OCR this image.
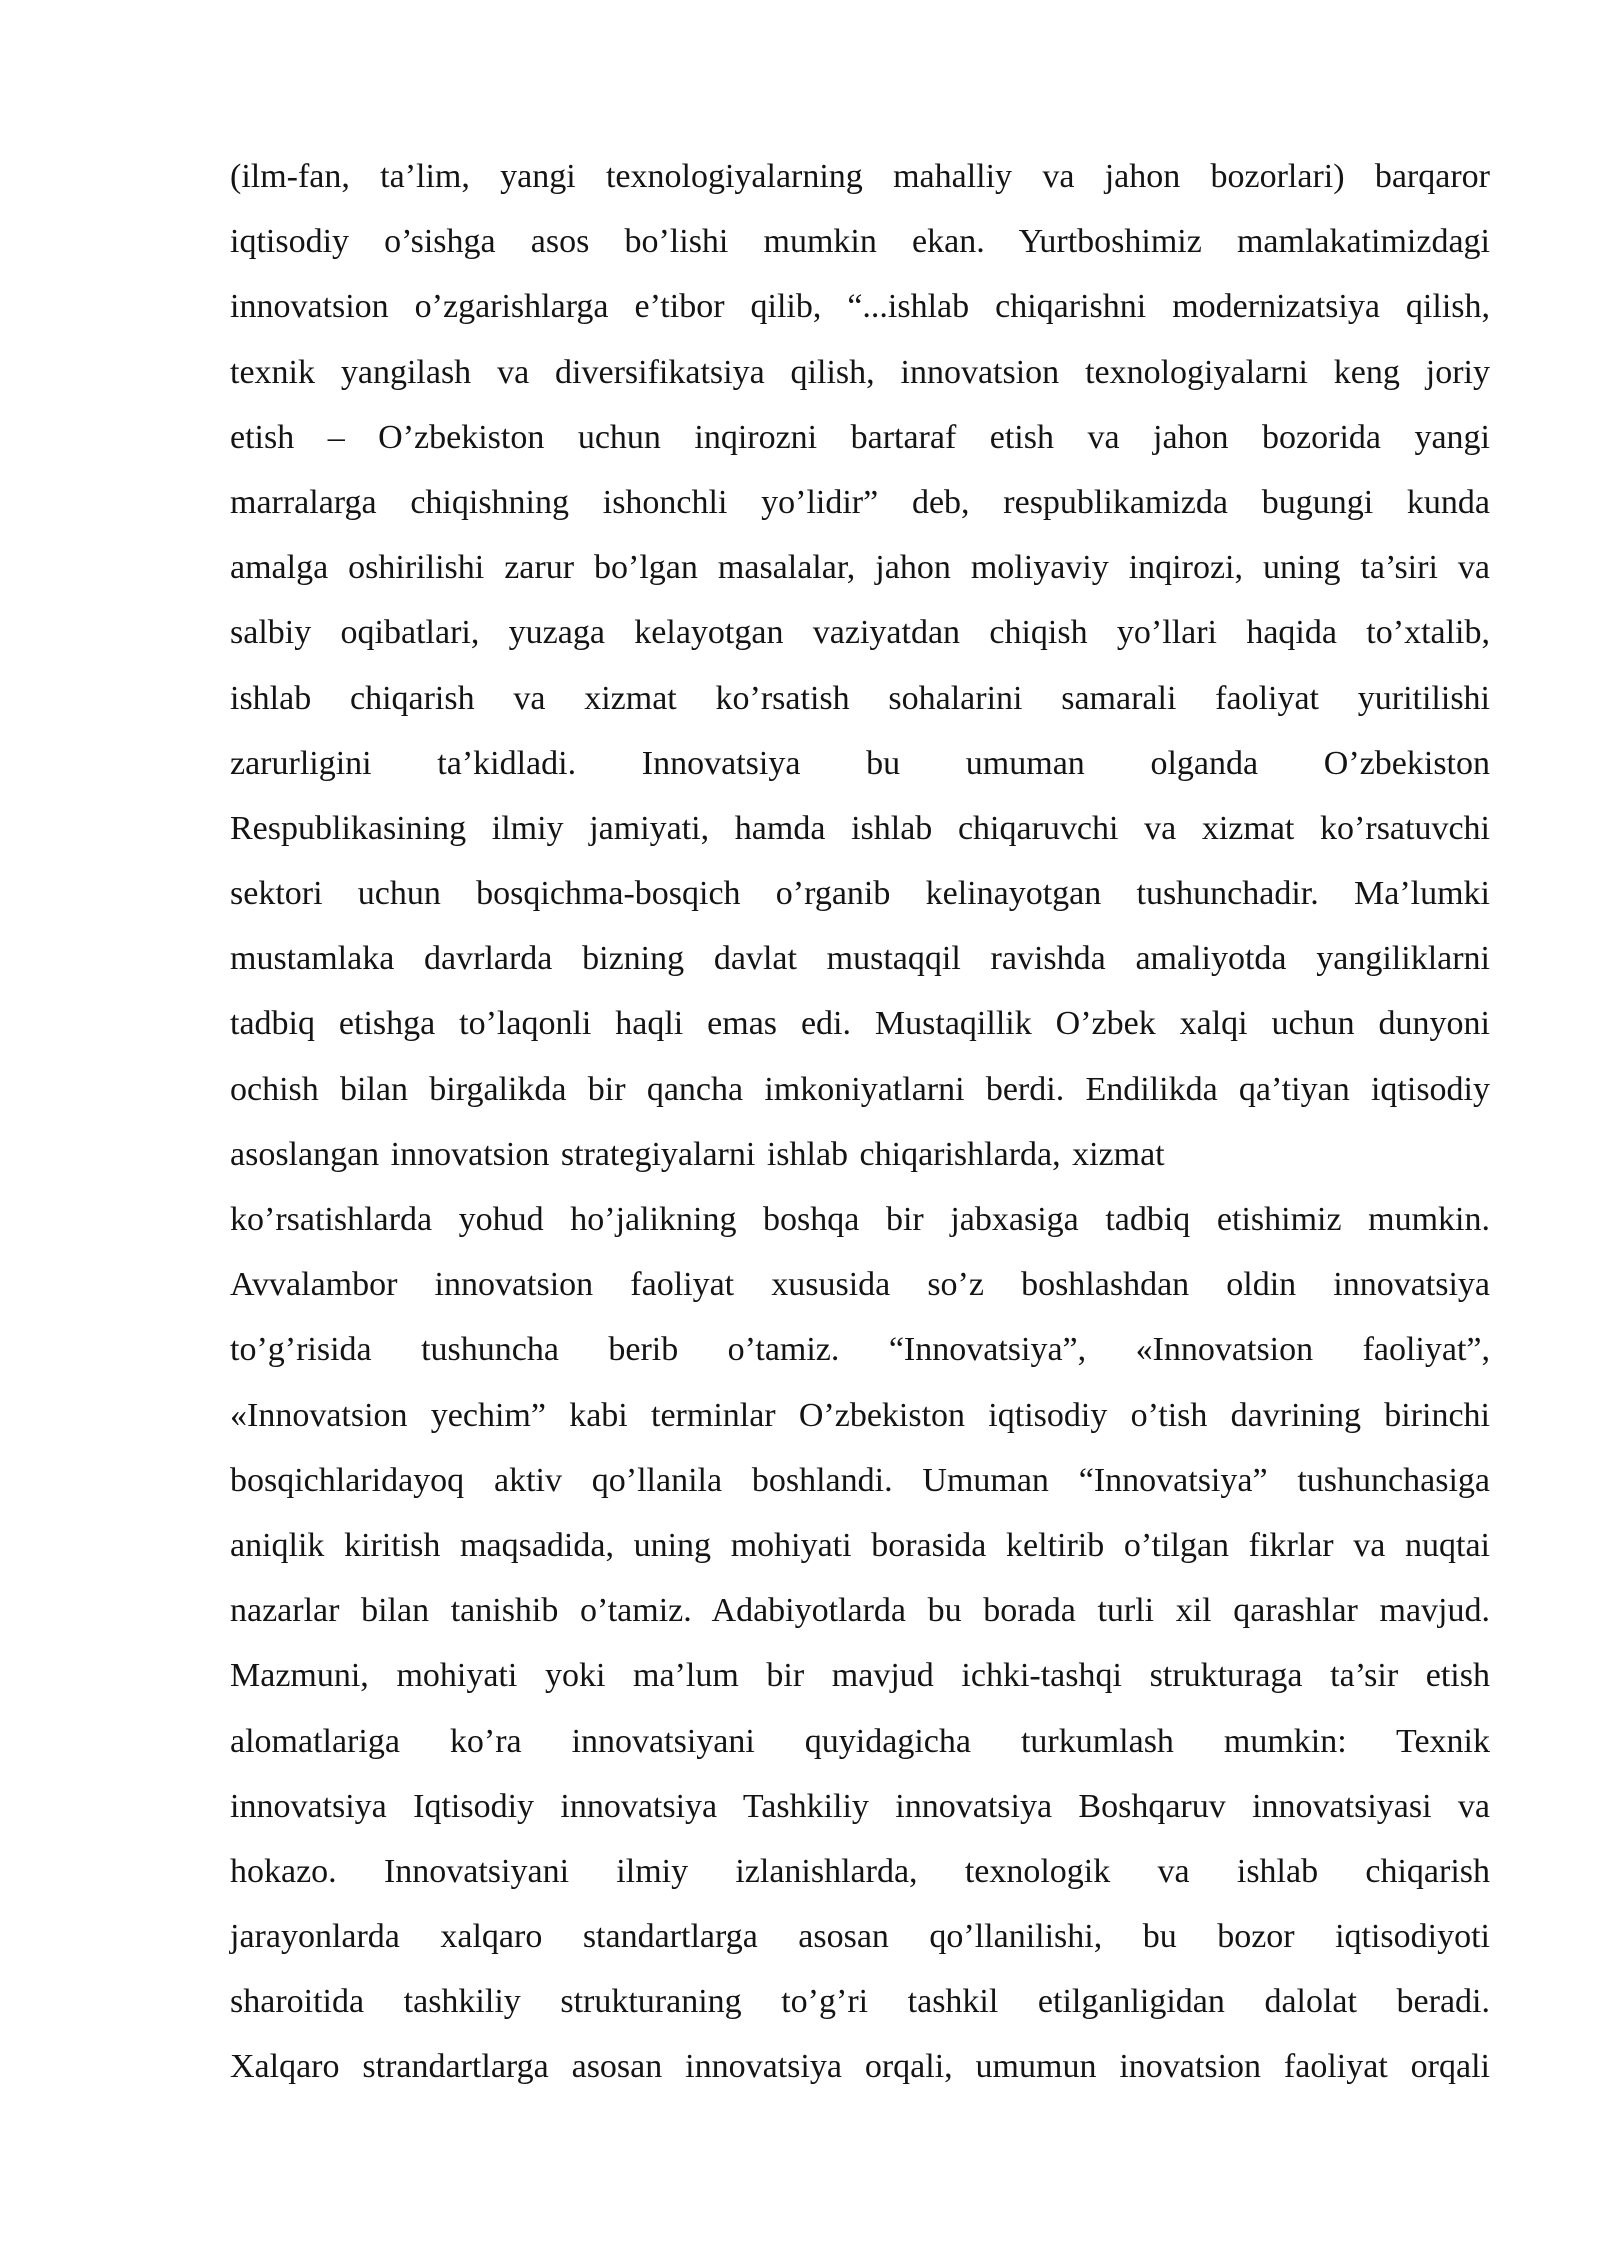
(ilm-fan, ta’lim, yangi texnologiyalarning mahalliy va jahon bozorlari) barqaror
iqtisodiy o’sishga asos bo’lishi mumkin ekan. Yurtboshimiz mamlakatimizdagi
innovatsion o’zgarishlarga e’tibor qilib, “...ishlab chiqarishni modernizatsiya qilish,
texnik yangilash va diversifikatsiya qilish, innovatsion texnologiyalarni keng joriy
etish – O’zbekiston uchun inqirozni bartaraf etish va jahon bozorida yangi
marralarga chiqishning ishonchli yo’lidir” deb, respublikamizda bugungi kunda
amalga oshirilishi zarur bo’lgan masalalar, jahon moliyaviy inqirozi, uning ta’siri va
salbiy oqibatlari, yuzaga kelayotgan vaziyatdan chiqish yo’llari haqida to’xtalib,
ishlab chiqarish va xizmat ko’rsatish sohalarini samarali faoliyat yuritilishi
zarurligini ta’kidladi. Innovatsiya bu umuman olganda O’zbekiston
Respublikasining ilmiy jamiyati, hamda ishlab chiqaruvchi va xizmat ko’rsatuvchi
sektori uchun bosqichma-bosqich o’rganib kelinayotgan tushunchadir. Ma’lumki
mustamlaka davrlarda bizning davlat mustaqqil ravishda amaliyotda yangiliklarni
tadbiq etishga to’laqonli haqli emas edi. Mustaqillik O’zbek xalqi uchun dunyoni
ochish bilan birgalikda bir qancha imkoniyatlarni berdi. Endilikda qa’tiyan iqtisodiy
asoslangan innovatsion strategiyalarni ishlab chiqarishlarda, xizmat
ko’rsatishlarda yohud ho’jalikning boshqa bir jabxasiga tadbiq etishimiz mumkin.
Avvalambor innovatsion faoliyat xususida so’z boshlashdan oldin innovatsiya
to’g’risida tushuncha berib o’tamiz. “Innovatsiya”, «Innovatsion faoliyat”,
«Innovatsion yechim” kabi terminlar O’zbekiston iqtisodiy o’tish davrining birinchi
bosqichlaridayoq aktiv qo’llanila boshlandi. Umuman “Innovatsiya” tushunchasiga
aniqlik kiritish maqsadida, uning mohiyati borasida keltirib o’tilgan fikrlar va nuqtai
nazarlar bilan tanishib o’tamiz. Adabiyotlarda bu borada turli xil qarashlar mavjud.
Mazmuni, mohiyati yoki ma’lum bir mavjud ichki-tashqi strukturaga ta’sir etish
alomatlariga ko’ra innovatsiyani quyidagicha turkumlash mumkin: Texnik
innovatsiya Iqtisodiy innovatsiya Tashkiliy innovatsiya Boshqaruv innovatsiyasi va
hokazo. Innovatsiyani ilmiy izlanishlarda, texnologik va ishlab chiqarish
jarayonlarda xalqaro standartlarga asosan qo’llanilishi, bu bozor iqtisodiyoti
sharoitida tashkiliy strukturaning to’g’ri tashkil etilganligidan dalolat beradi.
Xalqaro strandartlarga asosan innovatsiya orqali, umumun inovatsion faoliyat orqali
